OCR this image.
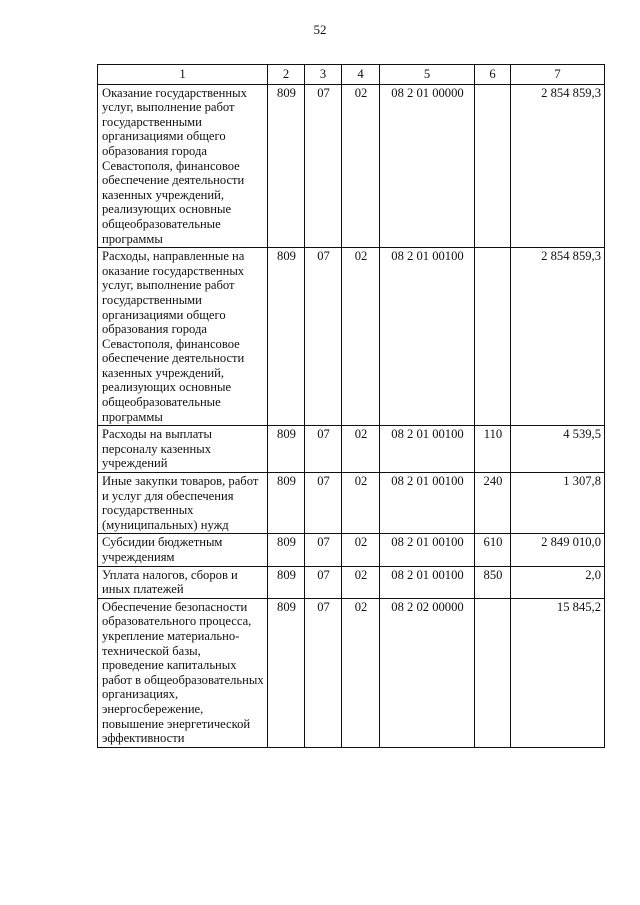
52
1	2	3	4	5	6	7
Оказание государственных услуг, выполнение работ государственными организациями общего образования города Севастополя, финансовое обеспечение деятельности казенных учреждений, реализующих основные общеобразовательные программы	809	07	02	08 2 01 00000		2 854 859,3
Расходы, направленные на оказание государственных услуг, выполнение работ государственными организациями общего образования города Севастополя, финансовое обеспечение деятельности казенных учреждений, реализующих основные общеобразовательные программы	809	07	02	08 2 01 00100		2 854 859,3
Расходы на выплаты персоналу казенных учреждений	809	07	02	08 2 01 00100	110	4 539,5
Иные закупки товаров, работ и услуг для обеспечения государственных (муниципальных) нужд	809	07	02	08 2 01 00100	240	1 307,8
Субсидии бюджетным учреждениям	809	07	02	08 2 01 00100	610	2 849 010,0
Уплата налогов, сборов и иных платежей	809	07	02	08 2 01 00100	850	2,0
Обеспечение безопасности образовательного процесса, укрепление материально-технической базы, проведение капитальных работ в общеобразовательных организациях, энергосбережение, повышение энергетической эффективности	809	07	02	08 2 02 00000		15 845,2
